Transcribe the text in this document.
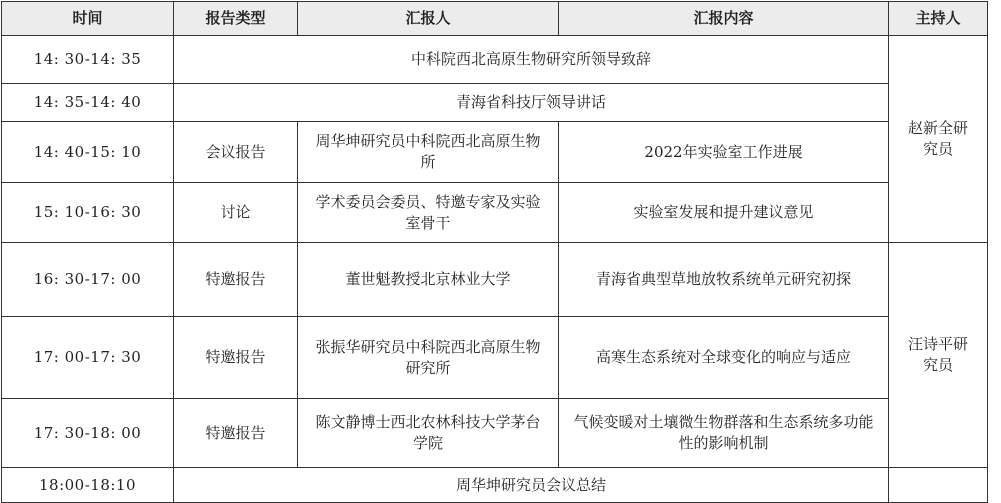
时间	报告类型	汇报人	汇报内容	主持人
14: 30-14: 35	中科院西北高原生物研究所领导致辞			赵新全研究员
14: 35-14: 40	青海省科技厅领导讲话			
14: 40-15: 10	会议报告	周华坤研究员中科院西北高原生物所	2022年实验室工作进展	
15: 10-16: 30	讨论	学术委员会委员、特邀专家及实验室骨干	实验室发展和提升建议意见	
16: 30-17: 00	特邀报告	董世魁教授北京林业大学	青海省典型草地放牧系统单元研究初探	汪诗平研究员
17: 00-17: 30	特邀报告	张振华研究员中科院西北高原生物研究所	高寒生态系统对全球变化的响应与适应	
17: 30-18: 00	特邀报告	陈文静博士西北农林科技大学茅台学院	气候变暖对土壤微生物群落和生态系统多功能性的影响机制	
18:00-18:10	周华坤研究员会议总结			
